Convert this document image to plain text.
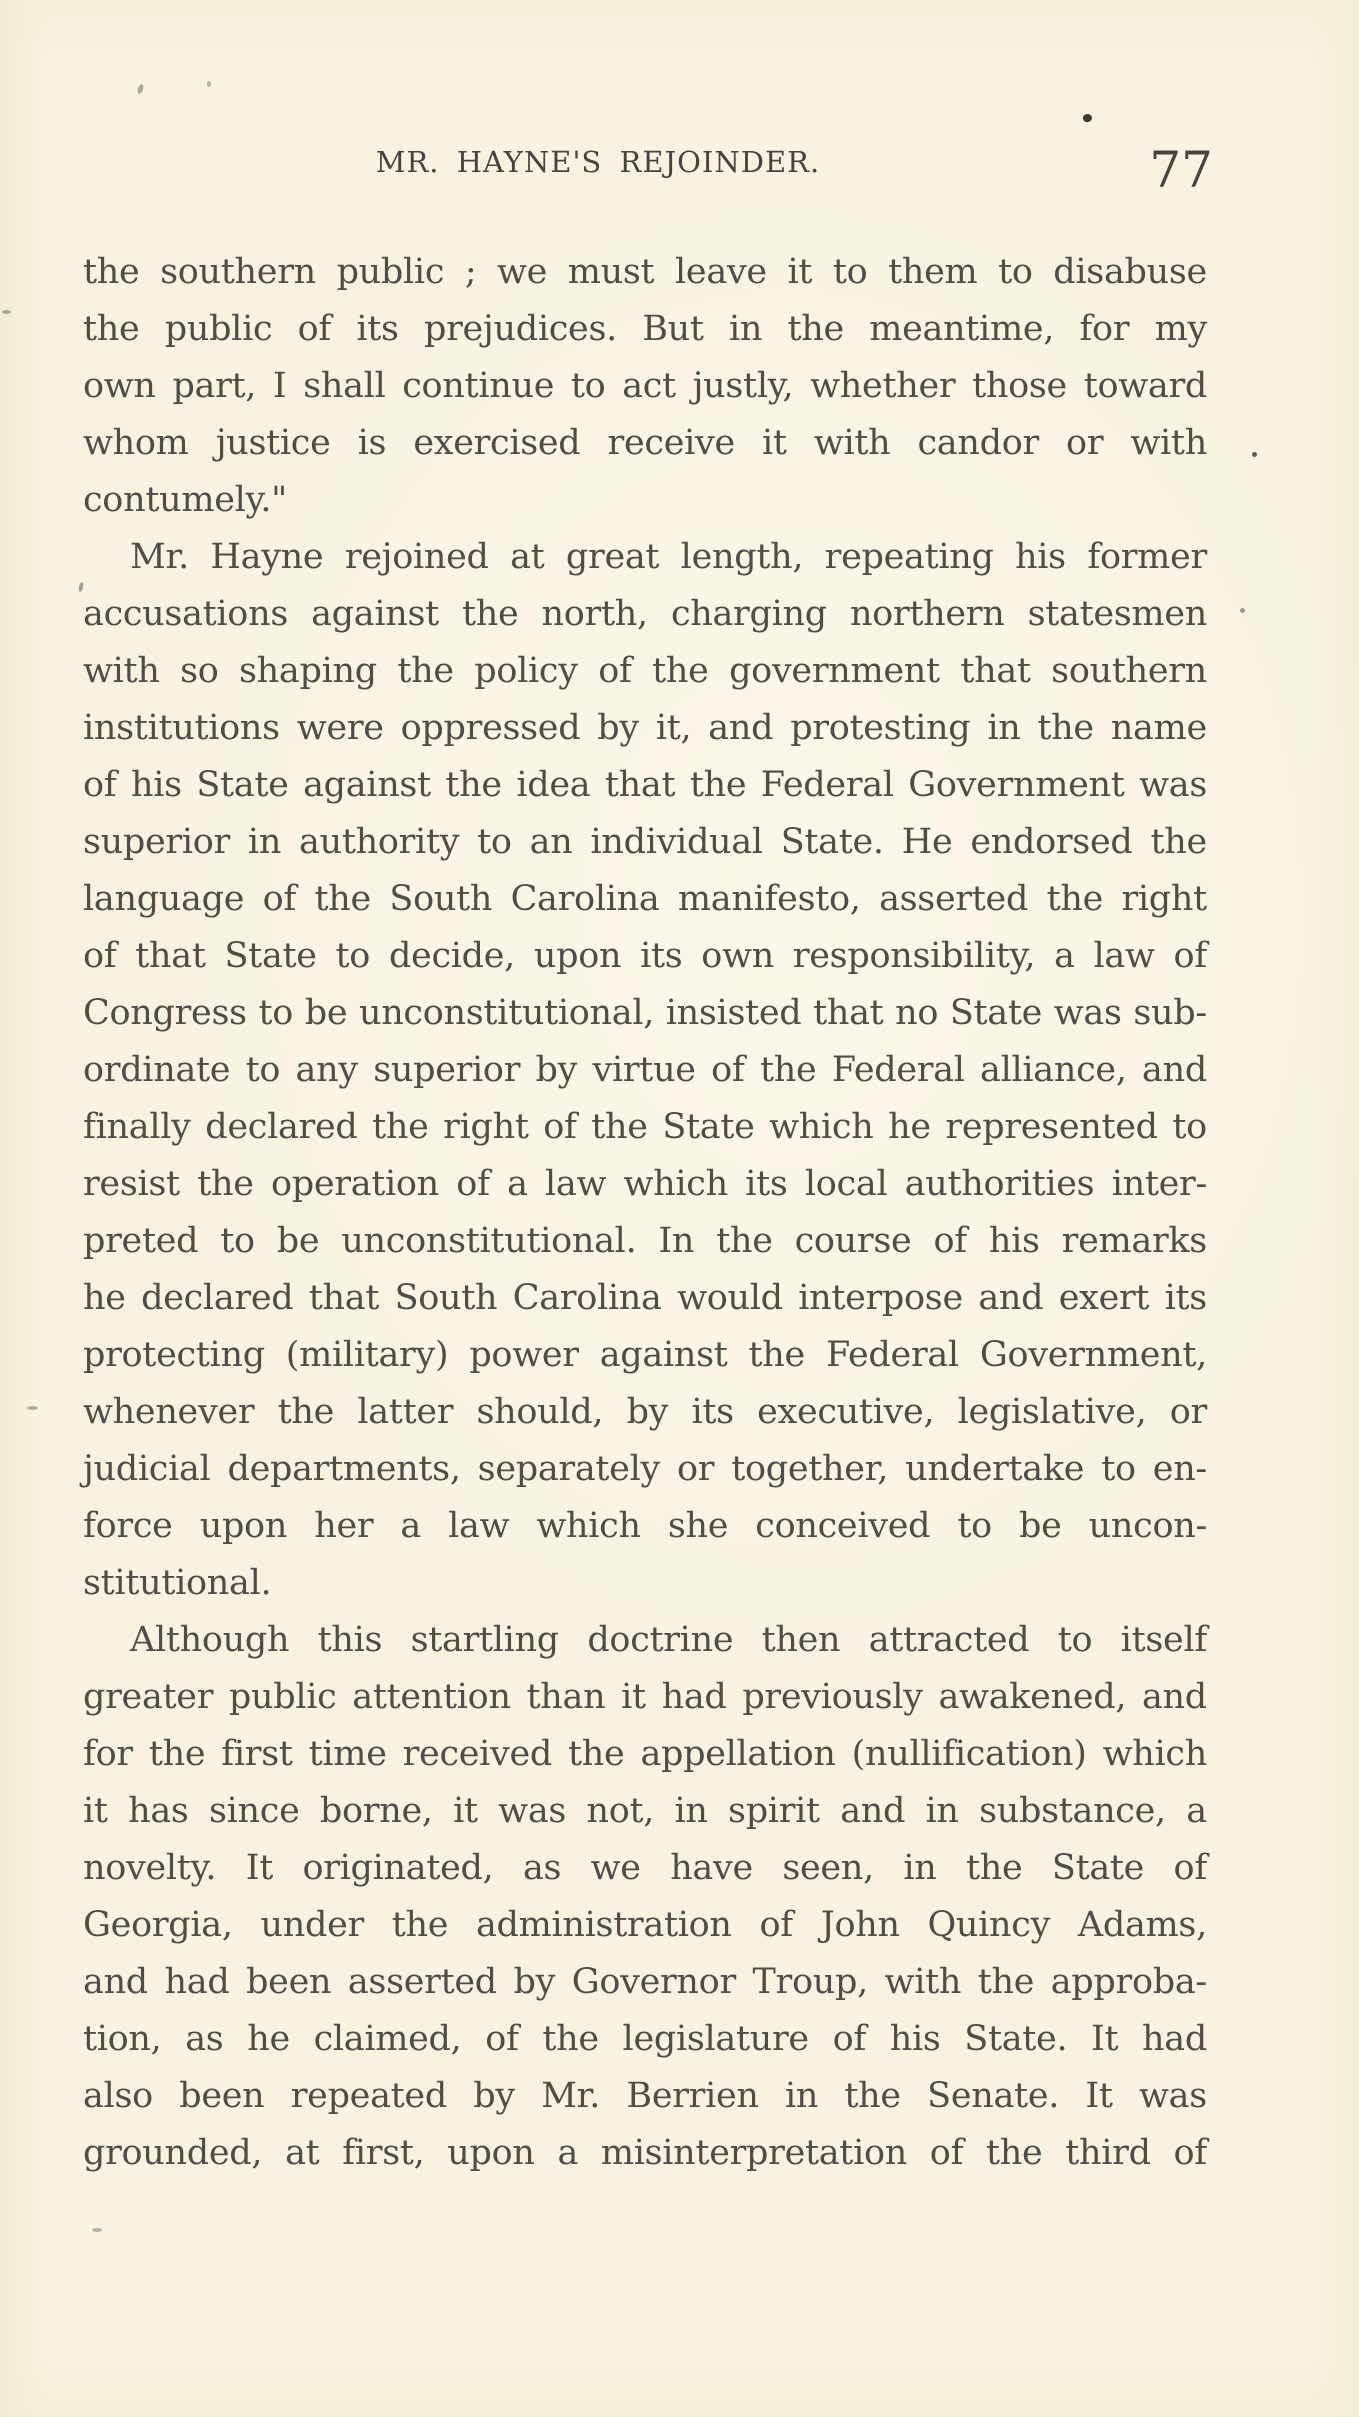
MR. HAYNE'S REJOINDER.	77
the southern public ; we must leave it to them to disabuse
the public of its prejudices. But in the meantime, for my
own part, I shall continue to act justly, whether those toward
whom justice is exercised receive it with candor or with
contumely."
Mr. Hayne rejoined at great length, repeating his former
accusations against the north, charging northern statesmen
with so shaping the policy of the government that southern
institutions were oppressed by it, and protesting in the name
of his State against the idea that the Federal Government was
superior in authority to an individual State. He endorsed the
language of the South Carolina manifesto, asserted the right
of that State to decide, upon its own responsibility, a law of
Congress to be unconstitutional, insisted that no State was sub-
ordinate to any superior by virtue of the Federal alliance, and
finally declared the right of the State which he represented to
resist the operation of a law which its local authorities inter-
preted to be unconstitutional. In the course of his remarks
he declared that South Carolina would interpose and exert its
protecting (military) power against the Federal Government,
whenever the latter should, by its executive, legislative, or
judicial departments, separately or together, undertake to en-
force upon her a law which she conceived to be uncon-
stitutional.
Although this startling doctrine then attracted to itself
greater public attention than it had previously awakened, and
for the first time received the appellation (nullification) which
it has since borne, it was not, in spirit and in substance, a
novelty. It originated, as we have seen, in the State of
Georgia, under the administration of John Quincy Adams,
and had been asserted by Governor Troup, with the approba-
tion, as he claimed, of the legislature of his State. It had
also been repeated by Mr. Berrien in the Senate. It was
grounded, at first, upon a misinterpretation of the third of
